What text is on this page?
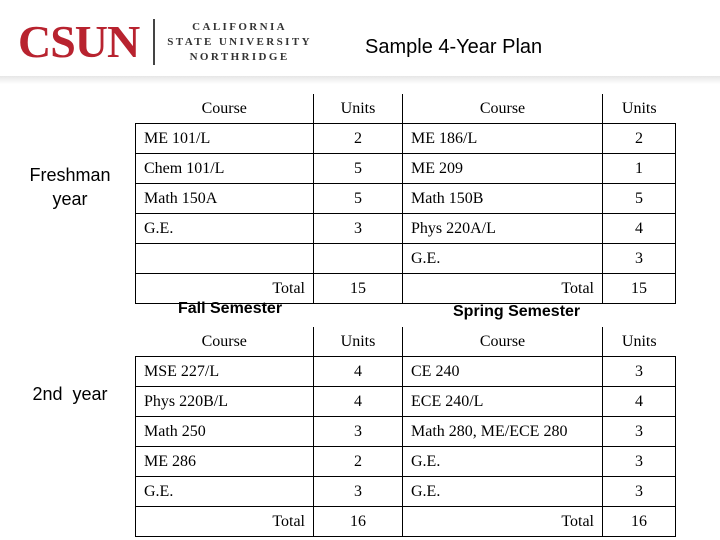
CSUN	CALIFORNIA
STATE UNIVERSITY
NORTHRIDGE	Sample 4-Year Plan
Freshman
year
2nd  year
Course	Units	Course	Units
ME 101/L	2	ME 186/L	2
Chem 101/L	5	ME 209	1
Math 150A	5	Math 150B	5
G.E.	3	Phys 220A/L	4
		G.E.	3
Total	15	Total	15
Fall Semester	Spring Semester
Course	Units	Course	Units
MSE 227/L	4	CE 240	3
Phys 220B/L	4	ECE 240/L	4
Math 250	3	Math 280, ME/ECE 280	3
ME 286	2	G.E.	3
G.E.	3	G.E.	3
Total	16	Total	16
